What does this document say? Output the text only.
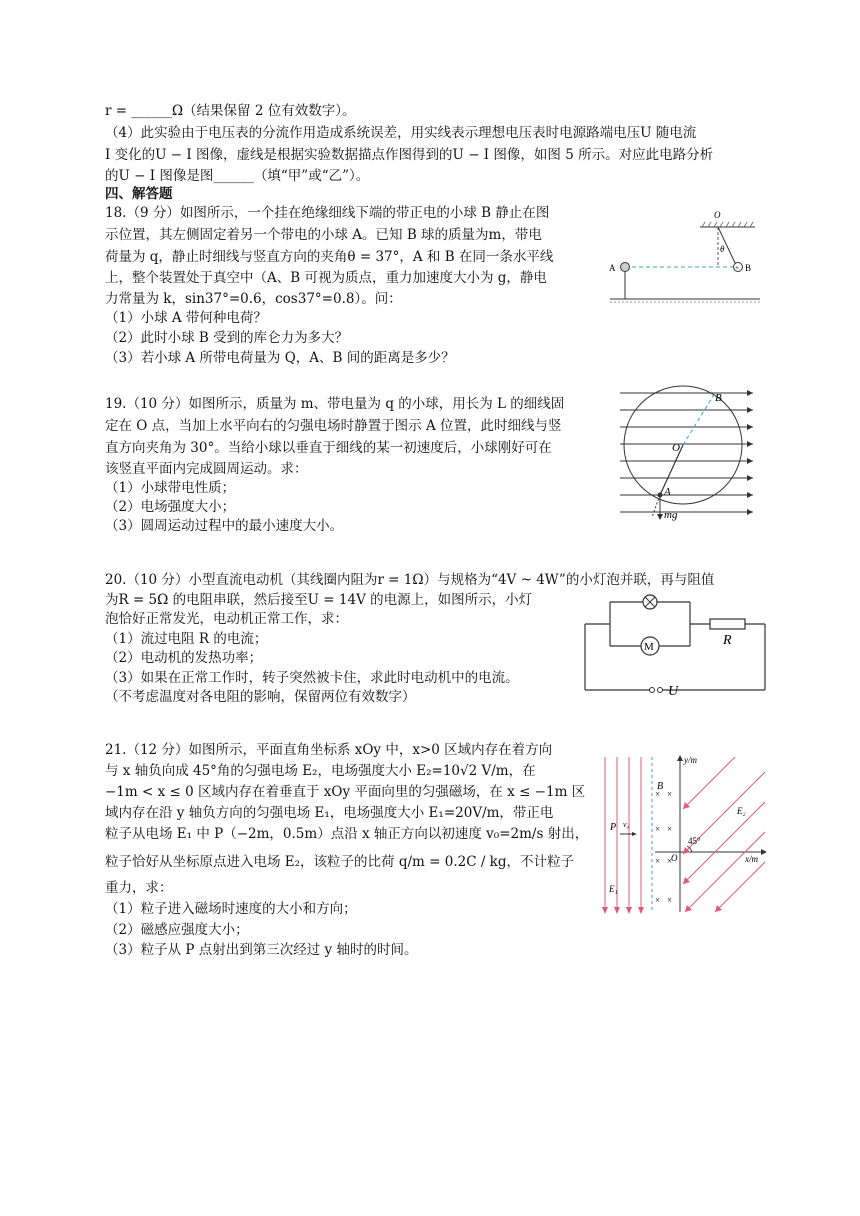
r = ______Ω（结果保留 2 位有效数字）。
（4）此实验由于电压表的分流作用造成系统误差，用实线表示理想电压表时电源路端电压U 随电流
I 变化的U − I 图像，虚线是根据实验数据描点作图得到的U − I 图像，如图 5 所示。对应此电路分析
的U − I 图像是图______（填“甲”或“乙”）。
四、解答题
18.（9 分）如图所示，一个挂在绝缘细线下端的带正电的小球 B 静止在图
示位置，其左侧固定着另一个带电的小球 A。已知 B 球的质量为m，带电
荷量为 q，静止时细线与竖直方向的夹角θ = 37°，A 和 B 在同一条水平线
上，整个装置处于真空中（A、B 可视为质点，重力加速度大小为 g，静电
力常量为 k，sin37°=0.6，cos37°=0.8）。问：
（1）小球 A 带何种电荷？
（2）此时小球 B 受到的库仑力为多大？
（3）若小球 A 所带电荷量为 Q，A、B 间的距离是多少？
O
θ
+
A	B
19.（10 分）如图所示，质量为 m、带电量为 q 的小球，用长为 L 的细线固
定在 O 点，当加上水平向右的匀强电场时静置于图示 A 位置，此时细线与竖
直方向夹角为 30°。当给小球以垂直于细线的某一初速度后，小球刚好可在
该竖直平面内完成圆周运动。求：
（1）小球带电性质；
（2）电场强度大小；
（3）圆周运动过程中的最小速度大小。
O
B
A
mg
20.（10 分）小型直流电动机（其线圈内阻为r = 1Ω）与规格为“4V ~ 4W”的小灯泡并联，再与阻值
为R = 5Ω 的电阻串联，然后接至U = 14V 的电源上，如图所示，小灯
泡恰好正常发光，电动机正常工作，求：
（1）流过电阻 R 的电流；
（2）电动机的发热功率；
（3）如果在正常工作时，转子突然被卡住，求此时电动机中的电流。
（不考虑温度对各电阻的影响，保留两位有效数字）
M	R
U
21.（12 分）如图所示，平面直角坐标系 xOy 中，x>0 区域内存在着方向
与 x 轴负向成 45°角的匀强电场 E₂，电场强度大小 E₂=10√2 V/m，在
−1m < x ≤ 0 区域内存在着垂直于 xOy 平面向里的匀强磁场，在 x ≤ −1m 区
域内存在沿 y 轴负方向的匀强电场 E₁，电场强度大小 E₁=20V/m，带正电
粒子从电场 E₁ 中 P（−2m，0.5m）点沿 x 轴正方向以初速度 v₀=2m/s 射出，
粒子恰好从坐标原点进入电场 E₂，该粒子的比荷 q/m = 0.2C / kg，不计粒子
重力，求：
（1）粒子进入磁场时速度的大小和方向；
（2）磁感应强度大小；
（3）粒子从 P 点射出到第三次经过 y 轴时的时间。
y/m
x/m
O
× ×
× ×
× ×
× ×
B
P v₀
E₁
E₂
45°
